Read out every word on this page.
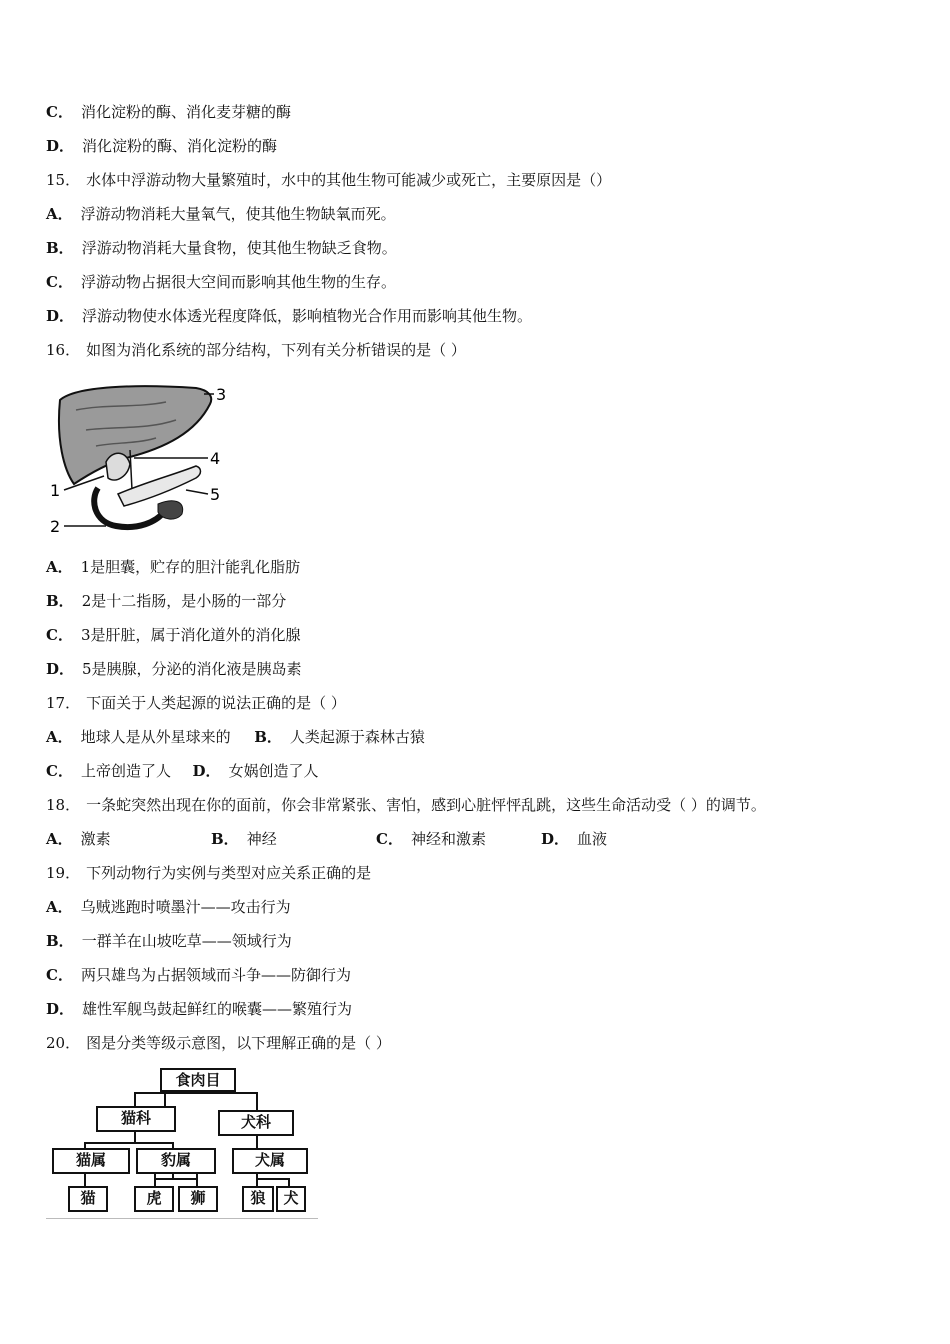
C． 消化淀粉的酶、消化麦芽糖的酶
D． 消化淀粉的酶、消化淀粉的酶
15． 水体中浮游动物大量繁殖时，水中的其他生物可能减少或死亡，主要原因是（）
A． 浮游动物消耗大量氧气，使其他生物缺氧而死。
B． 浮游动物消耗大量食物，使其他生物缺乏食物。
C． 浮游动物占据很大空间而影响其他生物的生存。
D． 浮游动物使水体透光程度降低，影响植物光合作用而影响其他生物。
16． 如图为消化系统的部分结构，下列有关分析错误的是（ ）
1
2
3
4
5
A． 1是胆囊，贮存的胆汁能乳化脂肪
B． 2是十二指肠，是小肠的一部分
C． 3是肝脏，属于消化道外的消化腺
D． 5是胰腺，分泌的消化液是胰岛素
17． 下面关于人类起源的说法正确的是（ ）
A． 地球人是从外星球来的 B． 人类起源于森林古猿
C． 上帝创造了人 D． 女娲创造了人
18． 一条蛇突然出现在你的面前，你会非常紧张、害怕，感到心脏怦怦乱跳，这些生命活动受（ ）的调节。
A． 激素	B． 神经	C． 神经和激素	D． 血液
19． 下列动物行为实例与类型对应关系正确的是
A． 乌贼逃跑时喷墨汁——攻击行为
B． 一群羊在山坡吃草——领域行为
C． 两只雄鸟为占据领域而斗争——防御行为
D． 雄性军舰鸟鼓起鲜红的喉囊——繁殖行为
20． 图是分类等级示意图，以下理解正确的是（ ）
食肉目
猫科	犬科
猫属	豹属	犬属
猫	虎	狮	狼	犬
